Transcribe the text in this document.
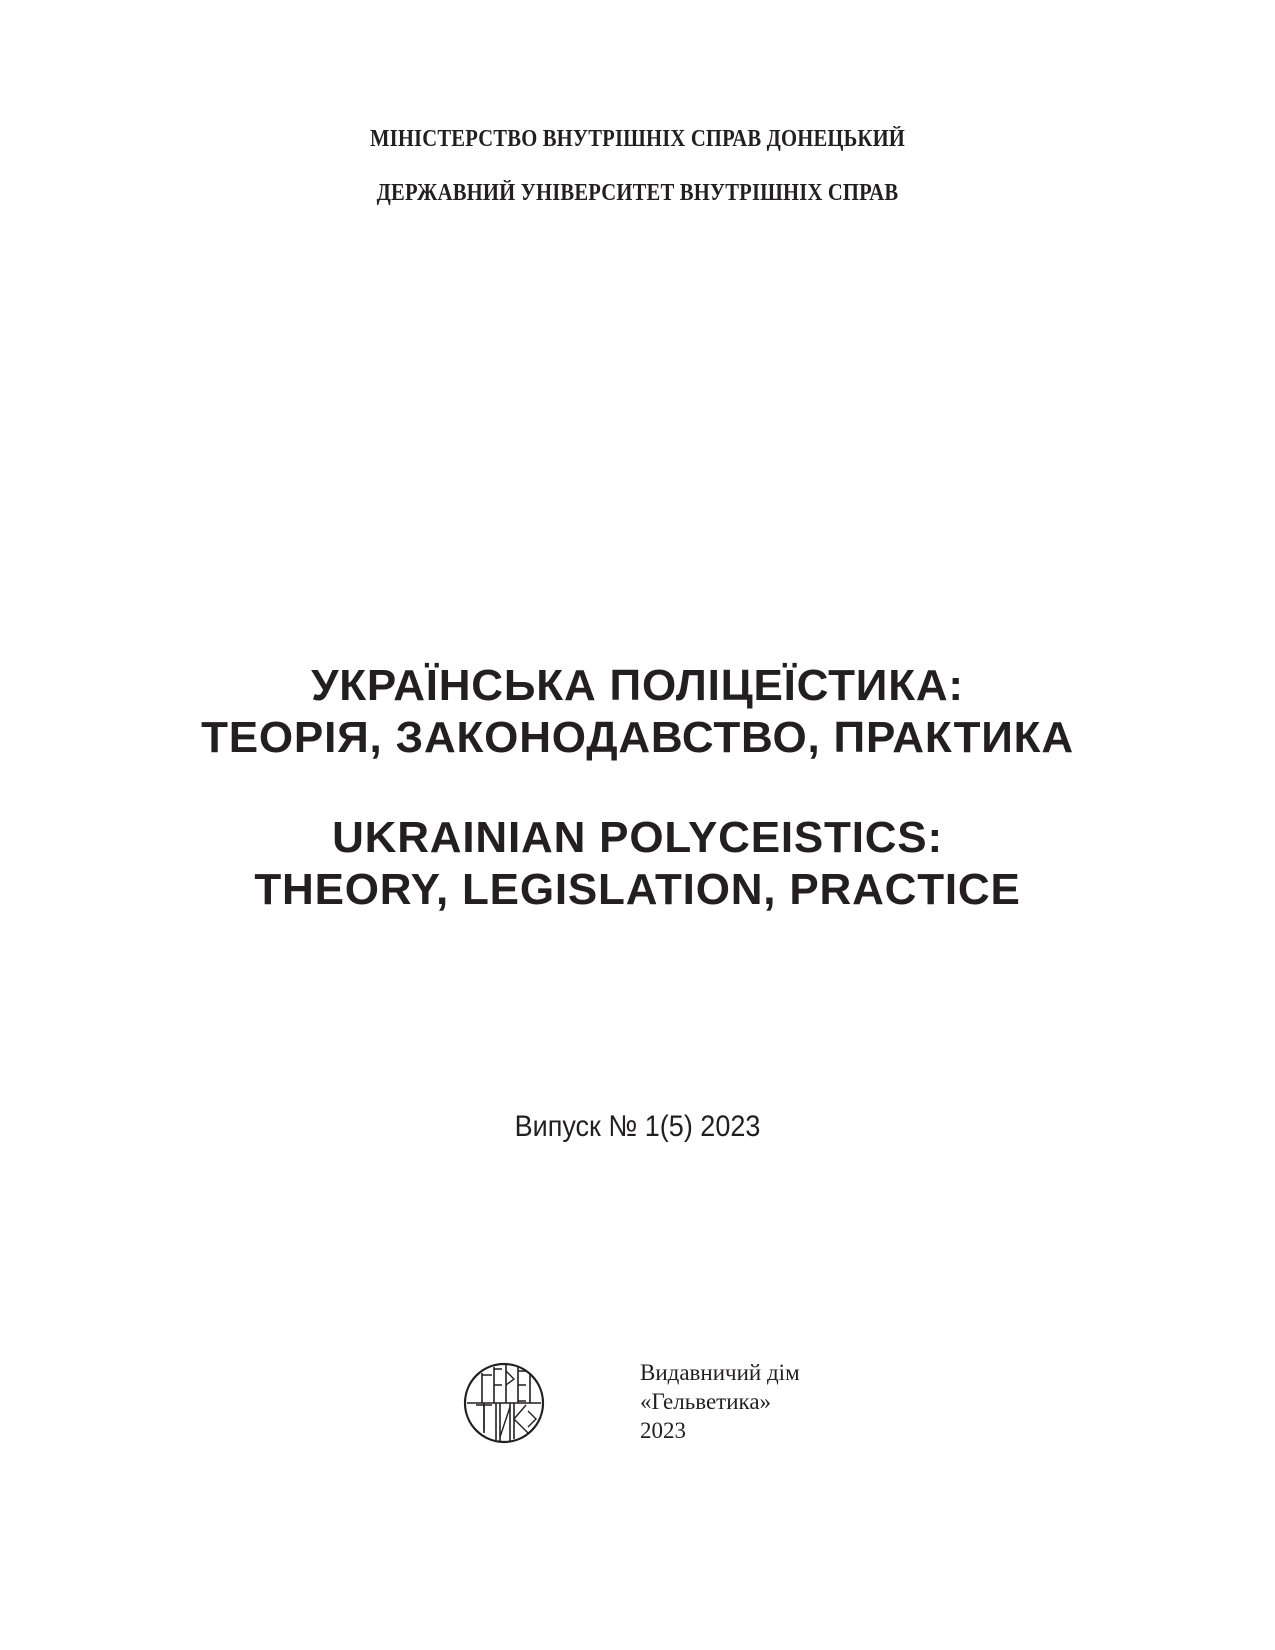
МІНІСТЕРСТВО ВНУТРІШНІХ СПРАВ ДОНЕЦЬКИЙ
ДЕРЖАВНИЙ УНІВЕРСИТЕТ ВНУТРІШНІХ СПРАВ
УКРАЇНСЬКА ПОЛІЦЕЇСТИКА:
ТЕОРІЯ, ЗАКОНОДАВСТВО, ПРАКТИКА
UKRAINIAN POLYCEISTICS:
THEORY, LEGISLATION, PRACTICE
Випуск № 1(5) 2023
Видавничий дім
«Гельветика»
2023
